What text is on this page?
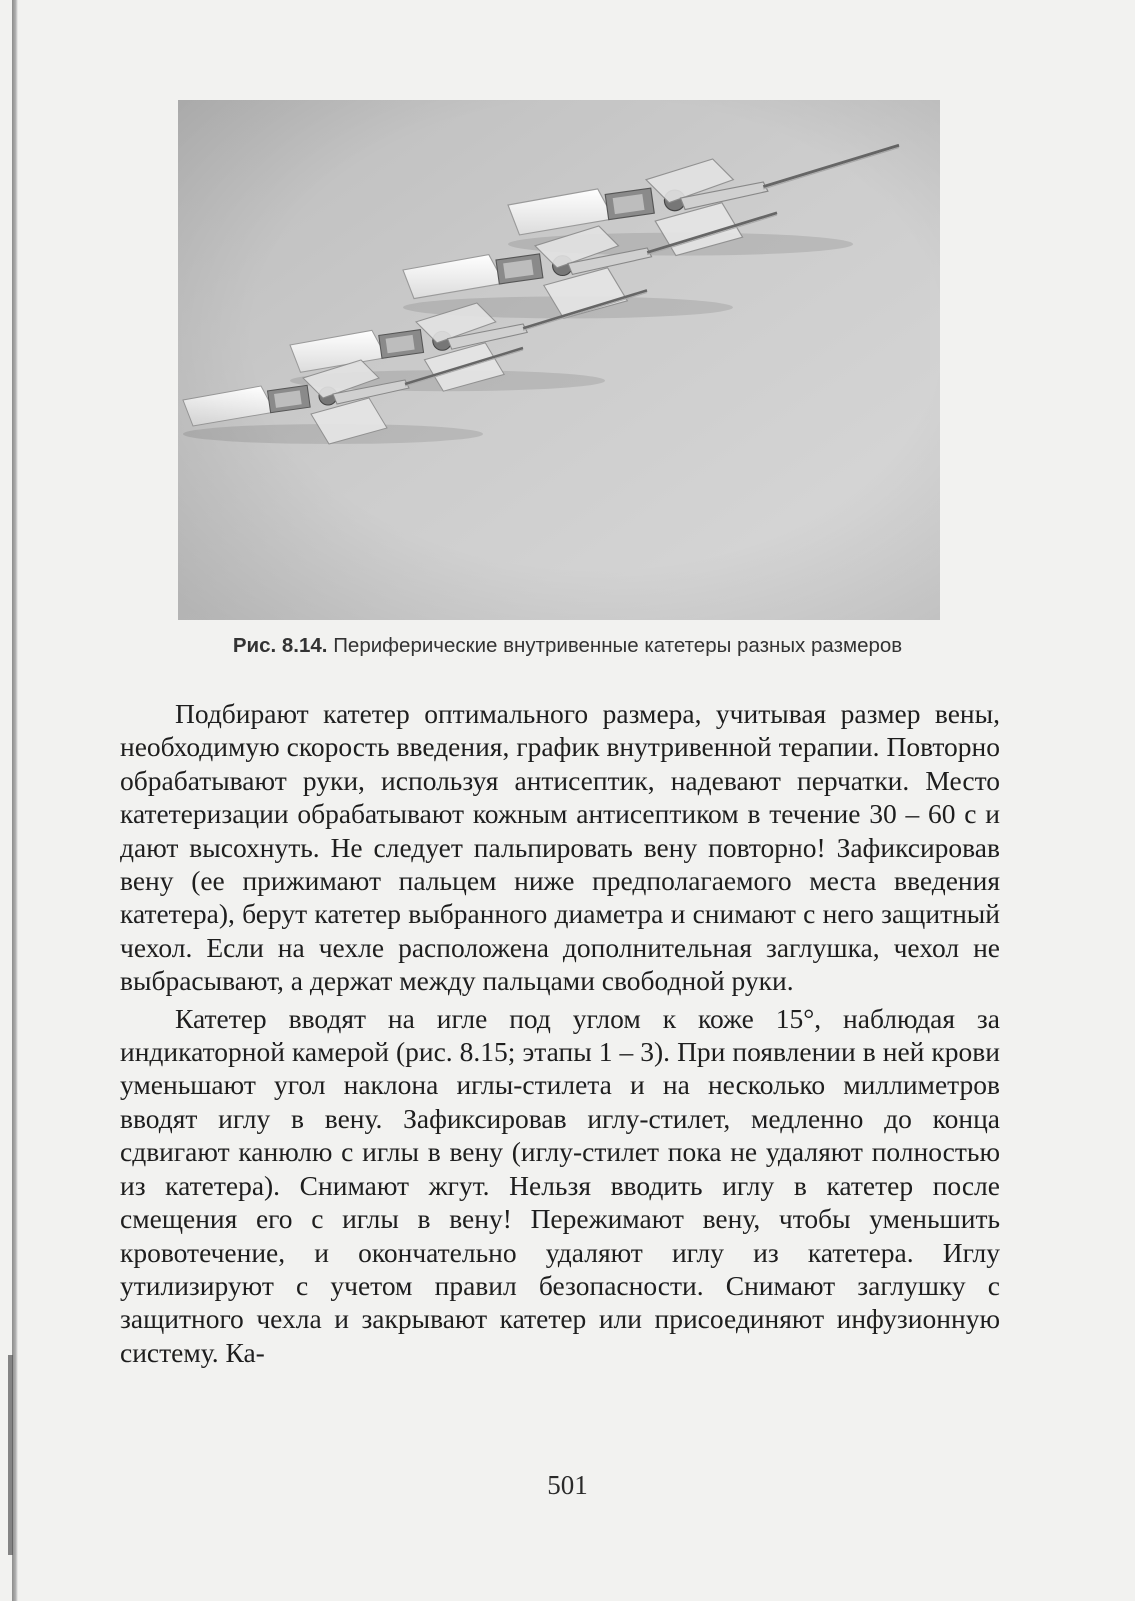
Рис. 8.14. Периферические внутривенные катетеры разных размеров

Подбирают катетер оптимального размера, учитывая размер вены, необходимую скорость введения, график внутривенной терапии. Повторно обрабатывают руки, используя антисептик, надевают перчатки. Место катетеризации обрабатывают кожным антисептиком в течение 30 – 60 с и дают высохнуть. Не следует пальпировать вену повторно! Зафиксировав вену (ее прижимают пальцем ниже предполагаемого места введения катетера), берут катетер выбранного диаметра и снимают с него защитный чехол. Если на чехле расположена дополнительная заглушка, чехол не выбрасывают, а держат между пальцами свободной руки.

Катетер вводят на игле под углом к коже 15°, наблюдая за индикаторной камерой (рис. 8.15; этапы 1 – 3). При появлении в ней крови уменьшают угол наклона иглы-стилета и на несколько миллиметров вводят иглу в вену. Зафиксировав иглу-стилет, медленно до конца сдвигают канюлю с иглы в вену (иглу-стилет пока не удаляют полностью из катетера). Снимают жгут. Нельзя вводить иглу в катетер после смещения его с иглы в вену! Пережимают вену, чтобы уменьшить кровотечение, и окончательно удаляют иглу из катетера. Иглу утилизируют с учетом правил безопасности. Снимают заглушку с защитного чехла и закрывают катетер или присоединяют инфузионную систему. Ка-

501
